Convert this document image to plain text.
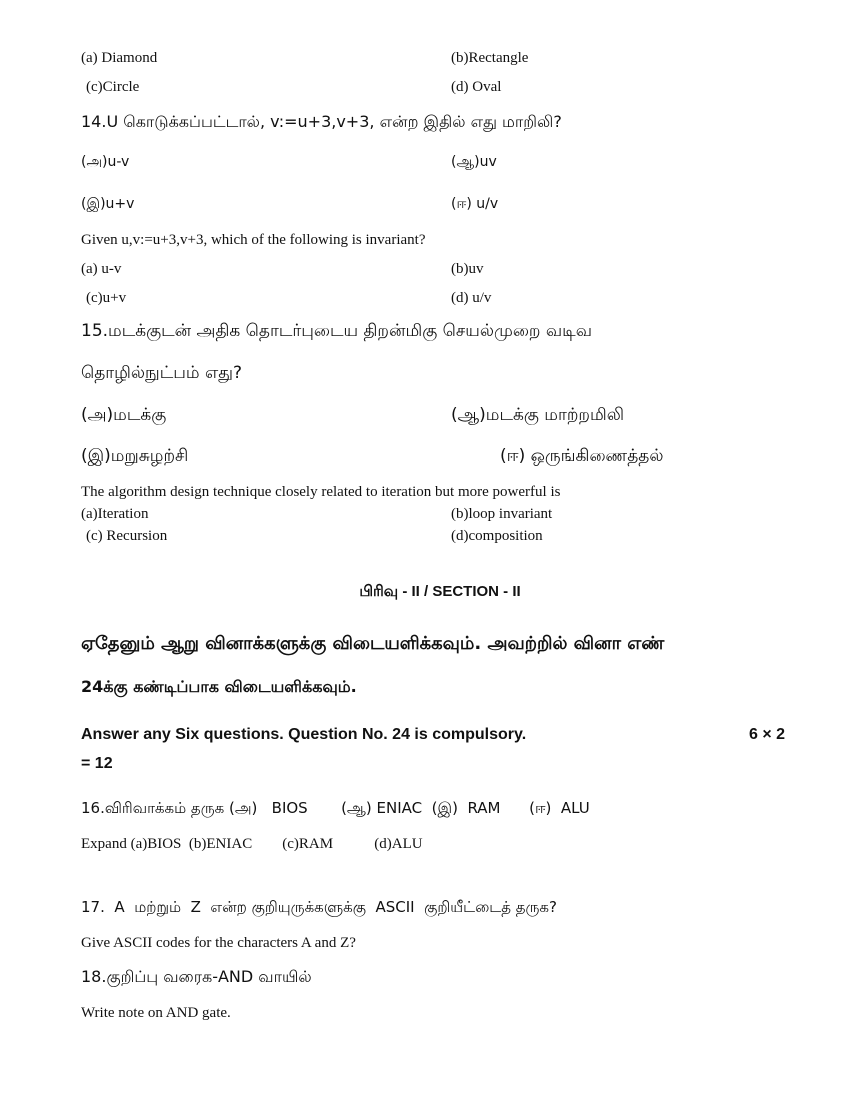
(a) Diamond	(b)Rectangle
(c)Circle	(d) Oval
14.U கொடுக்கப்பட்டால், v:=u+3,v+3, என்ற இதில் எது மாறிலி?
(அ)u-v	(ஆ)uv
(இ)u+v	(ஈ) u/v
Given u,v:=u+3,v+3, which of the following is invariant?
(a) u-v	(b)uv
(c)u+v	(d) u/v
15.மடக்குடன் அதிக தொடர்புடைய திறன்மிகு செயல்முறை வடிவ
தொழில்நுட்பம் எது?
(அ)மடக்கு	(ஆ)மடக்கு மாற்றமிலி
(இ)மறுசுழற்சி	(ஈ) ஒருங்கிணைத்தல்
The algorithm design technique closely related to iteration but more powerful is
(a)Iteration	(b)loop invariant
(c) Recursion	(d)composition
பிரிவு - II / SECTION - II
ஏதேனும் ஆறு வினாக்களுக்கு விடையளிக்கவும். அவற்றில் வினா எண்
24க்கு கண்டிப்பாக விடையளிக்கவும்.
Answer any Six questions. Question No. 24 is compulsory.	6 × 2
= 12
16.விரிவாக்கம் தருக (அ)   BIOS       (ஆ) ENIAC  (இ)  RAM      (ஈ)  ALU
Expand (a)BIOS  (b)ENIAC        (c)RAM           (d)ALU
17.  A  மற்றும்  Z  என்ற குறியுருக்களுக்கு  ASCII  குறியீட்டைத் தருக?
Give ASCII codes for the characters A and Z?
18.குறிப்பு வரைக-AND வாயில்
Write note on AND gate.
